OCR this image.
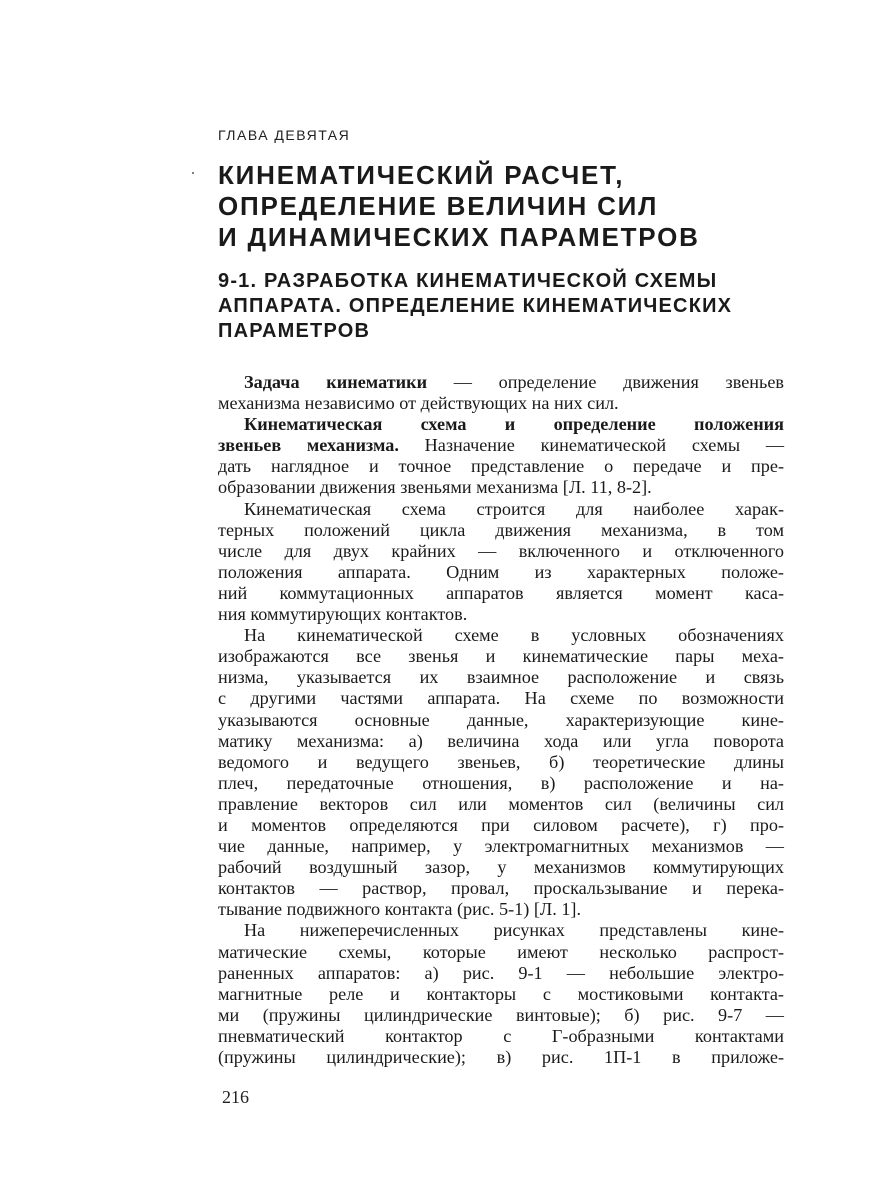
ГЛАВА ДЕВЯТАЯ
КИНЕМАТИЧЕСКИЙ РАСЧЕТ,
ОПРЕДЕЛЕНИЕ ВЕЛИЧИН СИЛ
И ДИНАМИЧЕСКИХ ПАРАМЕТРОВ
9-1. РАЗРАБОТКА КИНЕМАТИЧЕСКОЙ СХЕМЫ
АППАРАТА. ОПРЕДЕЛЕНИЕ КИНЕМАТИЧЕСКИХ
ПАРАМЕТРОВ
Задача кинематики — определение движения звеньев
механизма независимо от действующих на них сил.
Кинематическая схема и определение положения
звеньев механизма. Назначение кинематической схемы —
дать наглядное и точное представление о передаче и пре-
образовании движения звеньями механизма [Л. 11, 8-2].
Кинематическая схема строится для наиболее харак-
терных положений цикла движения механизма, в том
числе для двух крайних — включенного и отключенного
положения аппарата. Одним из характерных положе-
ний коммутационных аппаратов является момент каса-
ния коммутирующих контактов.
На кинематической схеме в условных обозначениях
изображаются все звенья и кинематические пары меха-
низма, указывается их взаимное расположение и связь
с другими частями аппарата. На схеме по возможности
указываются основные данные, характеризующие кине-
матику механизма: а) величина хода или угла поворота
ведомого и ведущего звеньев, б) теоретические длины
плеч, передаточные отношения, в) расположение и на-
правление векторов сил или моментов сил (величины сил
и моментов определяются при силовом расчете), г) про-
чие данные, например, у электромагнитных механизмов —
рабочий воздушный зазор, у механизмов коммутирующих
контактов — раствор, провал, проскальзывание и перека-
тывание подвижного контакта (рис. 5-1) [Л. 1].
На нижеперечисленных рисунках представлены кине-
матические схемы, которые имеют несколько распрост-
раненных аппаратов: а) рис. 9-1 — небольшие электро-
магнитные реле и контакторы с мостиковыми контакта-
ми (пружины цилиндрические винтовые); б) рис. 9-7 —
пневматический контактор с Г-образными контактами
(пружины цилиндрические); в) рис. 1П-1 в приложе-
216
